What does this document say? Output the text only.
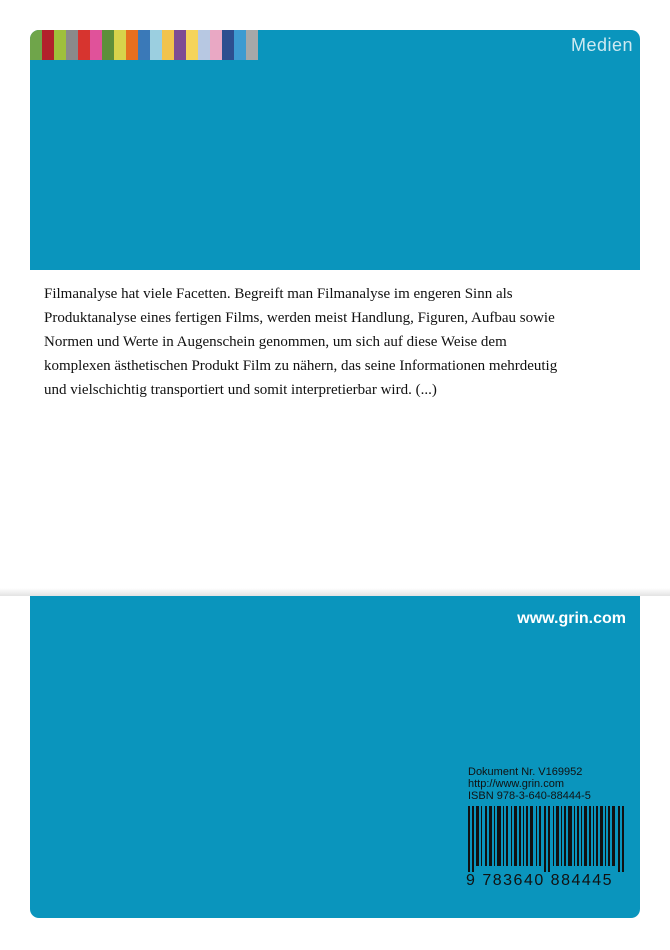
Medien

Filmanalyse hat viele Facetten. Begreift man Filmanalyse im engeren Sinn als Produktanalyse eines fertigen Films, werden meist Handlung, Figuren, Aufbau sowie Normen und Werte in Augenschein genommen, um sich auf diese Weise dem komplexen ästhetischen Produkt Film zu nähern, das seine Informationen mehrdeutig und vielschichtig transportiert und somit interpretierbar wird. (...)

www.grin.com
Dokument Nr. V169952
http://www.grin.com
ISBN 978-3-640-88444-5
9 783640 884445
